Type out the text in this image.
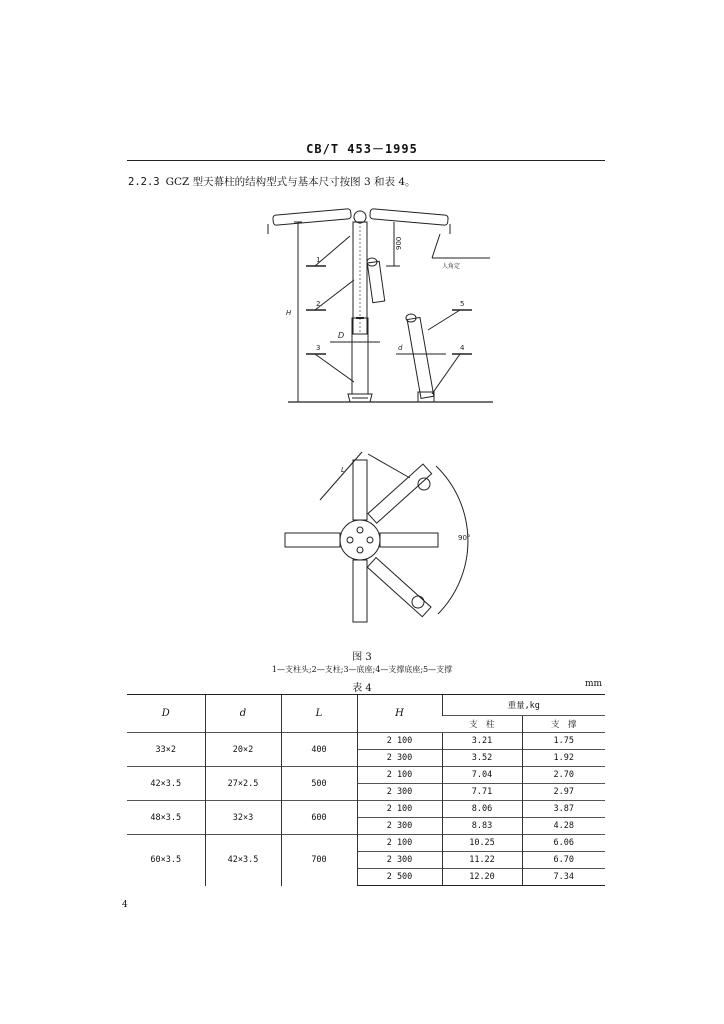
CB/T 453－1995
2.2.3 GCZ 型天幕柱的结构型式与基本尺寸按图 3 和表 4。
1
2
3
5
4
H
900
D
d
人角定
L
90°
图 3
1—支柱头;2—支柱;3—底座;4—支撑底座;5—支撑
表 4	mm
D	d	L	H	重量,kg	
				支　柱	支　撑
33×2	20×2	400	2 100	3.21	1.75
			2 300	3.52	1.92
42×3.5	27×2.5	500	2 100	7.04	2.70
			2 300	7.71	2.97
48×3.5	32×3	600	2 100	8.06	3.87
			2 300	8.83	4.28
60×3.5	42×3.5	700	2 100	10.25	6.06
			2 300	11.22	6.70
			2 500	12.20	7.34
4
